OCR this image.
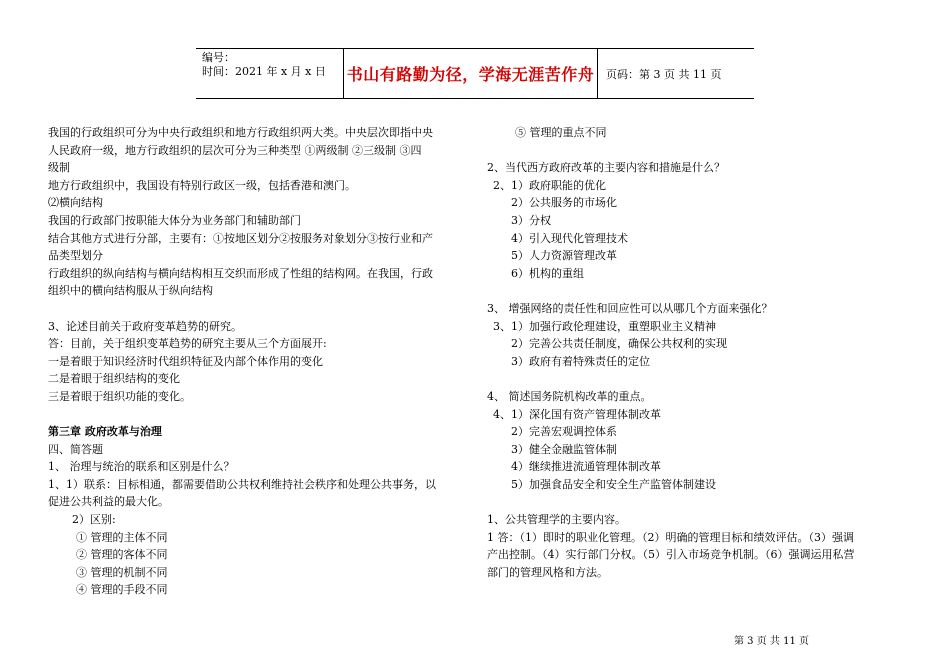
编号：
时间：2021 年 x 月 x 日	书山有路勤为径，学海无涯苦作舟 页码：第 3 页 共 11 页

我国的行政组织可分为中央行政组织和地方行政组织两大类。中央层次即指中央

人民政府一级，地方行政组织的层次可分为三种类型 ①两级制 ②三级制 ③四

级制

地方行政组织中，我国设有特别行政区一级，包括香港和澳门。

⑵横向结构

我国的行政部门按职能大体分为业务部门和辅助部门

结合其他方式进行分部，主要有：①按地区划分②按服务对象划分③按行业和产

品类型划分

行政组织的纵向结构与横向结构相互交织而形成了性组的结构网。在我国，行政

组织中的横向结构服从于纵向结构

3、论述目前关于政府变革趋势的研究。

答：目前，关于组织变革趋势的研究主要从三个方面展开:

一是着眼于知识经济时代组织特征及内部个体作用的变化

二是着眼于组织结构的变化

三是着眼于组织功能的变化。

第三章 政府改革与治理

四、简答题

1、 治理与统治的联系和区别是什么？

1、1）联系：目标相通，都需要借助公共权利维持社会秩序和处理公共事务，以

促进公共利益的最大化。

2）区别:

① 管理的主体不同

② 管理的客体不同

③ 管理的机制不同

④ 管理的手段不同

⑤ 管理的重点不同

2、当代西方政府改革的主要内容和措施是什么？

2、1）政府职能的优化

2）公共服务的市场化

3）分权

4）引入现代化管理技术

5）人力资源管理改革

6）机构的重组

3、 增强网络的责任性和回应性可以从哪几个方面来强化？

3、1）加强行政伦理建设，重塑职业主义精神

2）完善公共责任制度，确保公共权利的实现

3）政府有着特殊责任的定位

4、 简述国务院机构改革的重点。

4、1）深化国有资产管理体制改革

2）完善宏观调控体系

3）健全金融监管体制

4）继续推进流通管理体制改革

5）加强食品安全和安全生产监管体制建设

1、公共管理学的主要内容。

1 答：（1）即时的职业化管理。（2）明确的管理目标和绩效评估。（3）强调

产出控制。（4）实行部门分权。（5）引入市场竞争机制。（6）强调运用私营

部门的管理风格和方法。

第 3 页 共 11 页
